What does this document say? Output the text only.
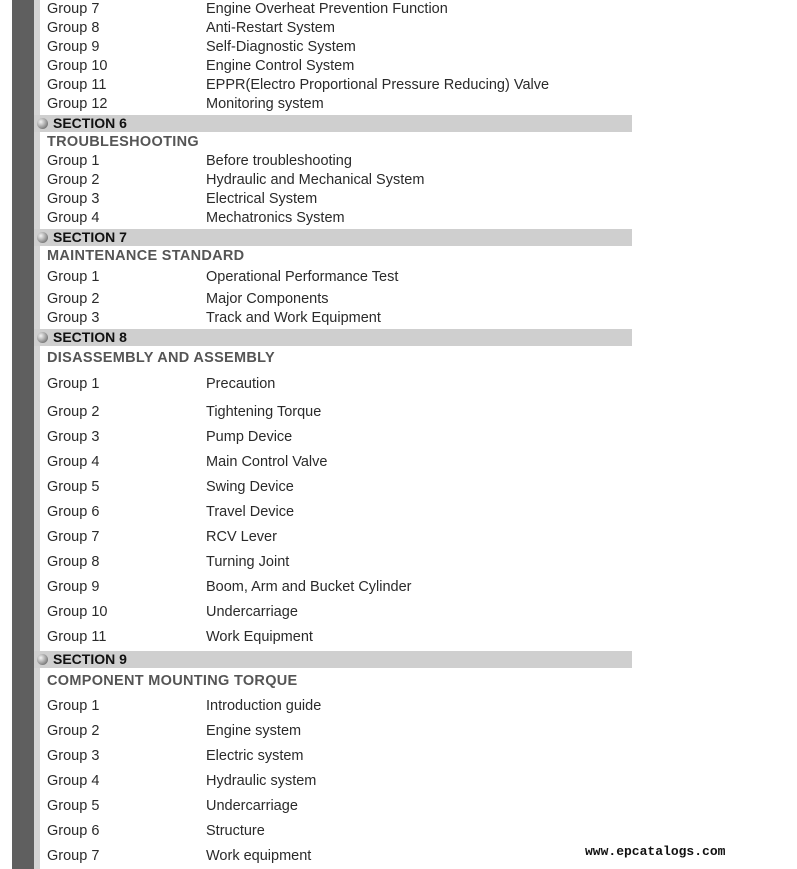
Group 7	Engine Overheat Prevention Function
Group 8	Anti-Restart System
Group 9	Self-Diagnostic System
Group 10	Engine Control System
Group 11	EPPR(Electro Proportional Pressure Reducing) Valve
Group 12	Monitoring system
SECTION 6
TROUBLESHOOTING
Group 1	Before troubleshooting
Group 2	Hydraulic and Mechanical System
Group 3	Electrical System
Group 4	Mechatronics System
SECTION 7
MAINTENANCE STANDARD
Group 1	Operational Performance Test
Group 2	Major Components
Group 3	Track and Work Equipment
SECTION 8
DISASSEMBLY AND ASSEMBLY
Group 1	Precaution
Group 2	Tightening Torque
Group 3	Pump Device
Group 4	Main Control Valve
Group 5	Swing Device
Group 6	Travel Device
Group 7	RCV Lever
Group 8	Turning Joint
Group 9	Boom, Arm and Bucket Cylinder
Group 10	Undercarriage
Group 11	Work Equipment
SECTION 9
COMPONENT MOUNTING TORQUE
Group 1	Introduction guide
Group 2	Engine system
Group 3	Electric system
Group 4	Hydraulic system
Group 5	Undercarriage
Group 6	Structure
Group 7	Work equipment	www.epcatalogs.com
